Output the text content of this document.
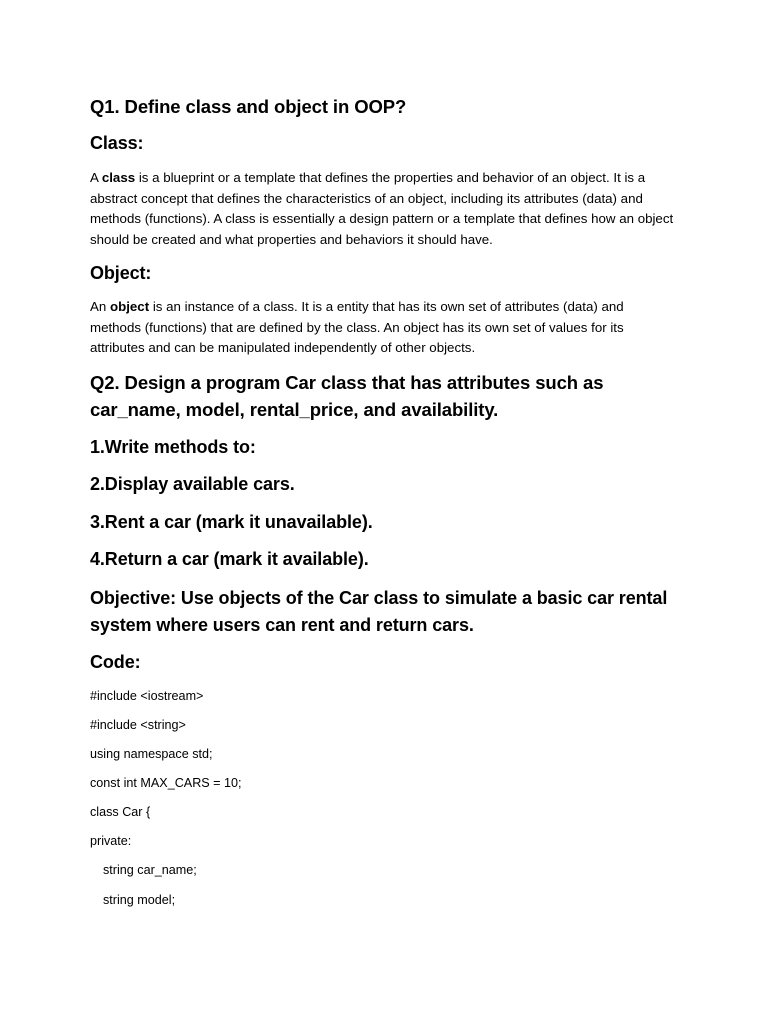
Q1. Define class and object in OOP?
Class:

A class is a blueprint or a template that defines the properties and behavior of an object. It is a abstract concept that defines the characteristics of an object, including its attributes (data) and methods (functions). A class is essentially a design pattern or a template that defines how an object should be created and what properties and behaviors it should have.

Object:

An object is an instance of a class. It is a entity that has its own set of attributes (data) and methods (functions) that are defined by the class. An object has its own set of values for its attributes and can be manipulated independently of other objects.

Q2. Design a program Car class that has attributes such as car_name, model, rental_price, and availability.
1.Write methods to:
2.Display available cars.
3.Rent a car (mark it unavailable).
4.Return a car (mark it available).
Objective: Use objects of the Car class to simulate a basic car rental system where users can rent and return cars.
Code:
#include <iostream>
#include <string>
using namespace std;
const int MAX_CARS = 10;
class Car {
private:
string car_name;
string model;
